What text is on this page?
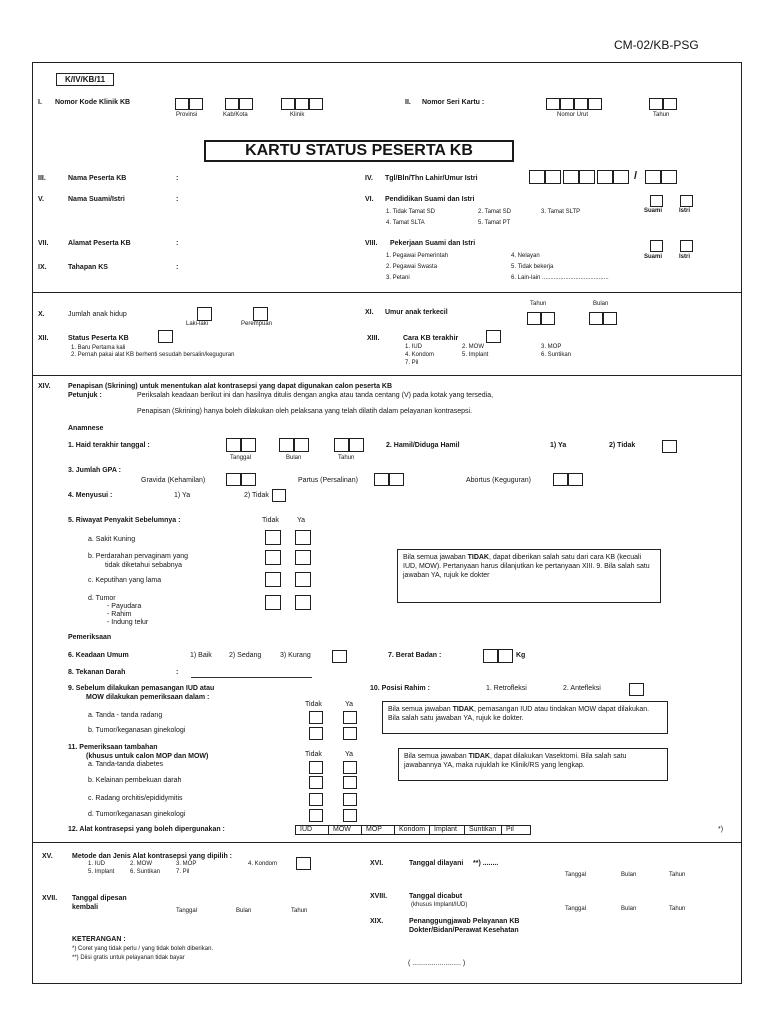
CM-02/KB-PSG
K/IV/KB/11
I. Nomor Kode Klinik KB
Provinsi	Kab/Kota	Klinik
II. Nomor Seri Kartu :
Nomor Urut	Tahun
KARTU STATUS PESERTA KB
III.	Nama Peserta KB	:	IV. Tgl/Bln/Thn Lahir/Umur Istri	/
V.	Nama Suami/Istri	:	VI. Pendidikan Suami dan Istri
1. Tidak Tamat SD	2. Tamat SD	3. Tamat SLTP
4. Tamat SLTA	5. Tamat PT
Suami	Istri
VII.	Alamat Peserta KB	:	VIII. Pekerjaan Suami dan Istri
1. Pegawai Pemerintah	4. Nelayan
2. Pegawai Swasta	5. Tidak bekerja
3. Petani	6. Lain-lain ........................................
Suami	Istri
IX.	Tahapan KS	:
X.	Jumlah anak hidup
Laki-laki	Perempuan
XI. Umur anak terkecil
Tahun	Bulan
XII.	Status Peserta KB
1. Baru Pertama kali
2. Pernah pakai alat KB berhenti sesudah bersalin/keguguran
XIII.	Cara KB terakhir
1. IUD	2. MOW	3. MOP
4. Kondom	5. Implant	6. Suntikan
7. Pil
XIV. Penapisan (Skrining) untuk menentukan alat kontrasepsi yang dapat digunakan calon peserta KB
Petunjuk :	Periksalah keadaan berikut ini dan hasilnya ditulis dengan angka atau tanda centang (V) pada kotak yang tersedia,
Penapisan (Skrining) hanya boleh dilakukan oleh pelaksana yang telah dilatih dalam pelayanan kontrasepsi.
Anamnese
1. Haid terakhir tanggal :
Tanggal	Bulan	Tahun
2. Hamil/Diduga Hamil	1) Ya	2) Tidak
3. Jumlah GPA :
Gravida (Kehamilan)	Partus (Persalinan)	Abortus (Keguguran)
4. Menyusui :	1) Ya	2) Tidak
5. Riwayat Penyakit Sebelumnya :	Tidak	Ya
a. Sakit Kuning
b. Perdarahan pervaginam yang
tidak diketahui sebabnya
c. Keputihan yang lama
d. Tumor
- Payudara
- Rahim
- Indung telur
Bila semua jawaban TIDAK, dapat diberikan salah satu dari cara KB (kecuali IUD, MOW). Pertanyaan harus dilanjutkan ke pertanyaan XIII. 9. Bila salah satu jawaban YA, rujuk ke dokter
Pemeriksaan
6. Keadaan Umum	1) Baik 2) Sedang	3) Kurang	7. Berat Badan :	Kg
8. Tekanan Darah	:
9. Sebelum dilakukan pemasangan IUD atau
MOW dilakukan pemeriksaan dalam :
Tidak	Ya
a. Tanda - tanda radang
b. Tumor/keganasan ginekologi
10. Posisi Rahim :	1. Retrofleksi	2. Antefleksi
Bila semua jawaban TIDAK, pemasangan IUD atau tindakan MOW dapat dilakukan. Bila salah satu jawaban YA, rujuk ke dokter.
11. Pemeriksaan tambahan
(khusus untuk calon MOP dan MOW)	Tidak	Ya
a. Tanda-tanda diabetes
b. Kelainan pembekuan darah
c. Radang orchitis/epididymitis
d. Tumor/keganasan ginekologi
Bila semua jawaban TIDAK, dapat dilakukan Vasektomi. Bila salah satu jawabannya YA, maka rujuklah ke Klinik/RS yang lengkap.
12. Alat kontrasepsi yang boleh dipergunakan :	IUD	MOW	MOP	Kondom	Implant	Suntikan	Pil	*)
XV.	Metode dan Jenis Alat kontrasepsi yang dipilih :
1. IUD	2. MOW	3. MOP	4. Kondom
5. Implant	6. Suntikan	7. Pil
XVI.	Tanggal dilayani **) ........
Tanggal	Bulan	Tahun
XVII. Tanggal dipesan
kembali	Tanggal	Bulan	Tahun
XVIII.	Tanggal dicabut
(khusus Implant/IUD)
Tanggal	Bulan	Tahun
XIX.	Penanggungjawab Pelayanan KB
Dokter/Bidan/Perawat Kesehatan
( ......................... )
KETERANGAN :
*) Coret yang tidak perlu / yang tidak boleh diberikan.
**) Diisi gratis untuk pelayanan tidak bayar
